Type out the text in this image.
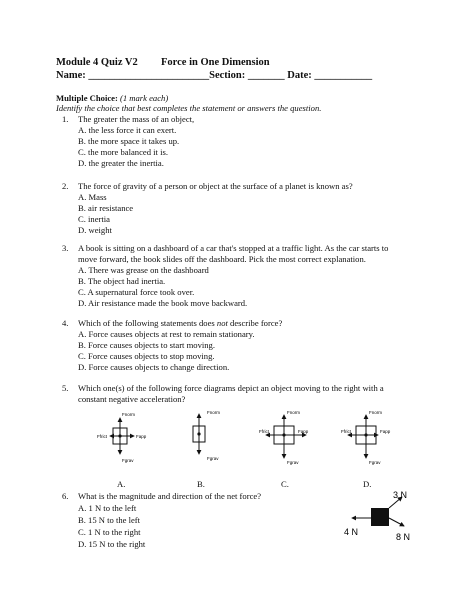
Module 4 Quiz V2 Force in One Dimension
Name: _______________________Section: _______ Date: ___________
Multiple Choice: (1 mark each)
Identify the choice that best completes the statement or answers the question.
1. The greater the mass of an object,
A. the less force it can exert.
B. the more space it takes up.
C. the more balanced it is.
D. the greater the inertia.
2. The force of gravity of a person or object at the surface of a planet is known as?
A. Mass
B. air resistance
C. inertia
D. weight
3. A book is sitting on a dashboard of a car that's stopped at a traffic light. As the car starts to
move forward, the book slides off the dashboard. Pick the most correct explanation.
A. There was grease on the dashboard
B. The object had inertia.
C. A supernatural force took over.
D. Air resistance made the book move backward.
4. Which of the following statements does not describe force?
A. Force causes objects at rest to remain stationary.
B. Force causes objects to start moving.
C. Force causes objects to stop moving.
D. Force causes objects to change direction.
5. Which one(s) of the following force diagrams depict an object moving to the right with a
constant negative acceleration?
Fnorm
Fgrav
Ffrict	Fapp
Fnorm
Fgrav
Fnorm
Fgrav
Ffrict	Fapp
Fnorm
Fgrav
Ffrict	Fapp
A.	B.	C.	D.
6. What is the magnitude and direction of the net force?
A. 1 N to the left
B. 15 N to the left
C. 1 N to the right
D. 15 N to the right
3 N
8 N
4 N
